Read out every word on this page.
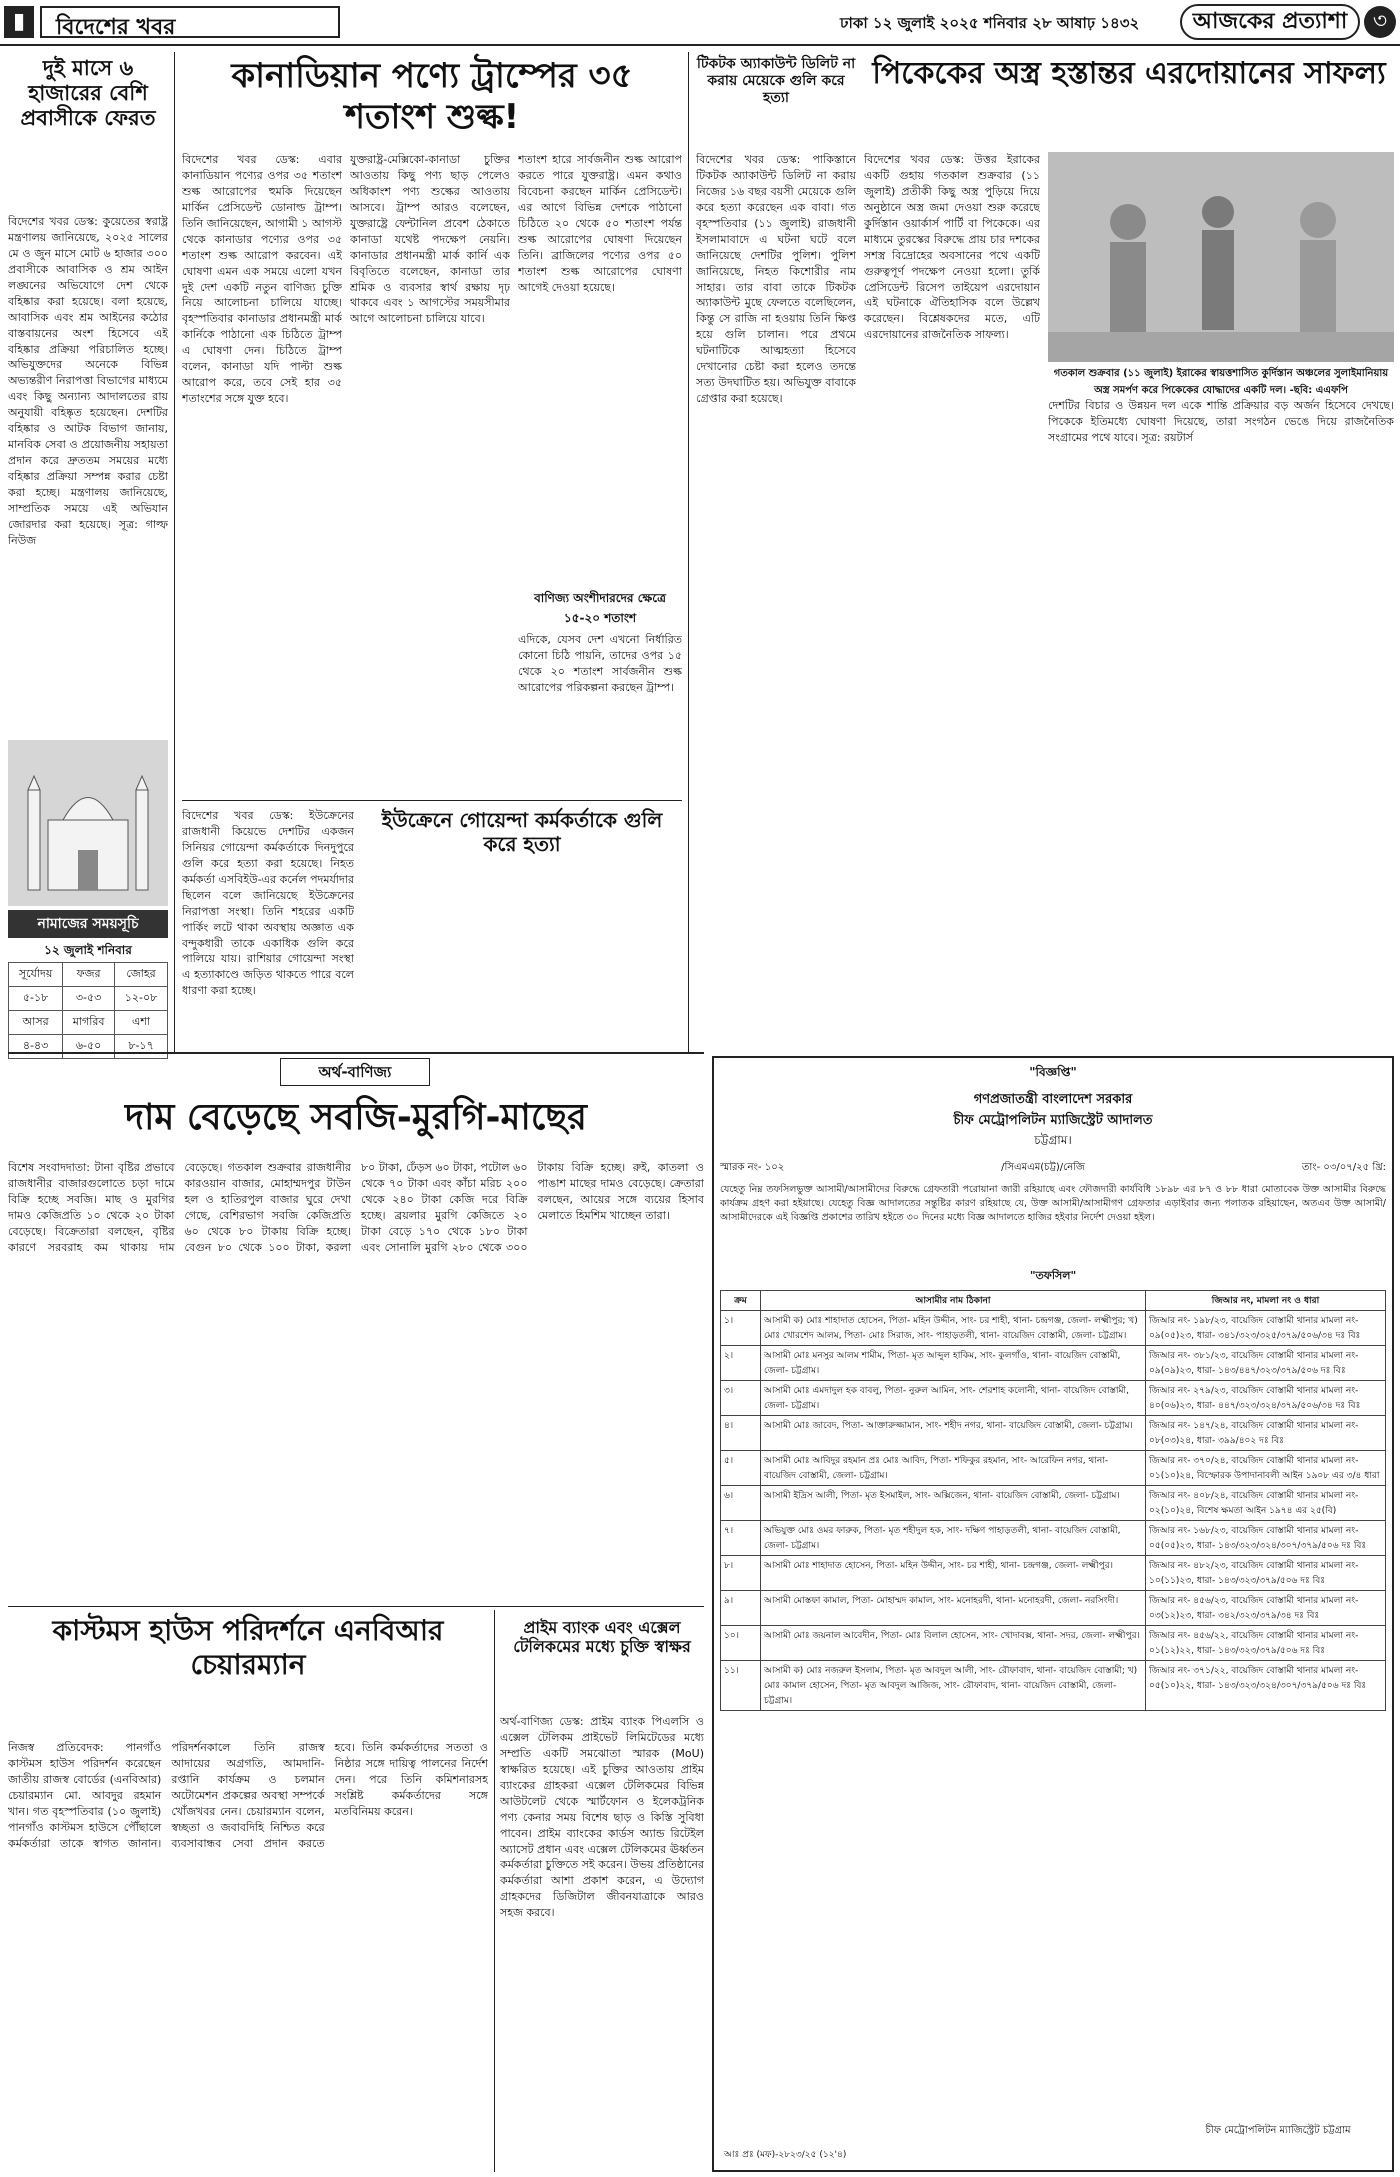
▮	বিদেশের খবর	ঢাকা ১২ জুলাই ২০২৫ শনিবার ২৮ আষাঢ় ১৪৩২	আজকের প্রত্যাশা	৩
দুই মাসে ৬ হাজারের বেশি প্রবাসীকে ফেরত
বিদেশের খবর ডেস্ক: কুয়েতের স্বরাষ্ট্র মন্ত্রণালয় জানিয়েছে, ২০২৫ সালের মে ও জুন মাসে মোট ৬ হাজার ৩০০ প্রবাসীকে আবাসিক ও শ্রম আইন লঙ্ঘনের অভিযোগে দেশ থেকে বহিষ্কার করা হয়েছে। বলা হয়েছে, আবাসিক এবং শ্রম আইনের কঠোর বাস্তবায়নের অংশ হিসেবে এই বহিষ্কার প্রক্রিয়া পরিচালিত হচ্ছে। অভিযুক্তদের অনেকে বিভিন্ন অভ্যন্তরীণ নিরাপত্তা বিভাগের মাধ্যমে এবং কিছু অন্যান্য আদালতের রায় অনুযায়ী বহিষ্কৃত হয়েছেন। দেশটির বহিষ্কার ও আটক বিভাগ জানায়, মানবিক সেবা ও প্রয়োজনীয় সহায়তা প্রদান করে দ্রুততম সময়ের মধ্যে বহিষ্কার প্রক্রিয়া সম্পন্ন করার চেষ্টা করা হচ্ছে। মন্ত্রণালয় জানিয়েছে, সাম্প্রতিক সময়ে এই অভিযান জোরদার করা হয়েছে। সূত্র: গাল্ফ নিউজ
নামাজের সময়সূচি
১২ জুলাই শনিবার
সূর্যোদয়	ফজর	জোহর
৫-১৮	৩-৫৩	১২-০৮
আসর	মাগরিব	এশা
৪-৪৩	৬-৫০	৮-১৭
কানাডিয়ান পণ্যে ট্রাম্পের ৩৫ শতাংশ শুল্ক!
বিদেশের খবর ডেস্ক: এবার কানাডিয়ান পণ্যের ওপর ৩৫ শতাংশ শুল্ক আরোপের হুমকি দিয়েছেন মার্কিন প্রেসিডেন্ট ডোনাল্ড ট্রাম্প। তিনি জানিয়েছেন, আগামী ১ আগস্ট থেকে কানাডার পণ্যের ওপর ৩৫ শতাংশ শুল্ক আরোপ করবেন। এই ঘোষণা এমন এক সময়ে এলো যখন দুই দেশ একটি নতুন বাণিজ্য চুক্তি নিয়ে আলোচনা চালিয়ে যাচ্ছে। বৃহস্পতিবার কানাডার প্রধানমন্ত্রী মার্ক কার্নিকে পাঠানো এক চিঠিতে ট্রাম্প এ ঘোষণা দেন। চিঠিতে ট্রাম্প বলেন, কানাডা যদি পাল্টা শুল্ক আরোপ করে, তবে সেই হার ৩৫ শতাংশের সঙ্গে যুক্ত হবে।
যুক্তরাষ্ট্র-মেক্সিকো-কানাডা চুক্তির আওতায় কিছু পণ্য ছাড় পেলেও অধিকাংশ পণ্য শুল্কের আওতায় আসবে। ট্রাম্প আরও বলেছেন, যুক্তরাষ্ট্রে ফেন্টানিল প্রবেশ ঠেকাতে কানাডা যথেষ্ট পদক্ষেপ নেয়নি। কানাডার প্রধানমন্ত্রী মার্ক কার্নি এক বিবৃতিতে বলেছেন, কানাডা তার শ্রমিক ও ব্যবসার স্বার্থ রক্ষায় দৃঢ় থাকবে এবং ১ আগস্টের সময়সীমার আগে আলোচনা চালিয়ে যাবে।
শতাংশ হারে সার্বজনীন শুল্ক আরোপ করতে পারে যুক্তরাষ্ট্র। এমন কথাও বিবেচনা করছেন মার্কিন প্রেসিডেন্ট। এর আগে বিভিন্ন দেশকে পাঠানো চিঠিতে ২০ থেকে ৫০ শতাংশ পর্যন্ত শুল্ক আরোপের ঘোষণা দিয়েছেন তিনি। ব্রাজিলের পণ্যের ওপর ৫০ শতাংশ শুল্ক আরোপের ঘোষণা আগেই দেওয়া হয়েছে।
বাণিজ্য অংশীদারদের ক্ষেত্রে ১৫-২০ শতাংশ
এদিকে, যেসব দেশ এখনো নির্ধারিত কোনো চিঠি পায়নি, তাদের ওপর ১৫ থেকে ২০ শতাংশ সার্বজনীন শুল্ক আরোপের পরিকল্পনা করছেন ট্রাম্প।
ইউক্রেনে গোয়েন্দা কর্মকর্তাকে গুলি করে হত্যা
বিদেশের খবর ডেস্ক: ইউক্রেনের রাজধানী কিয়েভে দেশটির একজন সিনিয়র গোয়েন্দা কর্মকর্তাকে দিনদুপুরে গুলি করে হত্যা করা হয়েছে। নিহত কর্মকর্তা এসবিইউ-এর কর্নেল পদমর্যাদার ছিলেন বলে জানিয়েছে ইউক্রেনের নিরাপত্তা সংস্থা। তিনি শহরের একটি পার্কিং লটে থাকা অবস্থায় অজ্ঞাত এক বন্দুকধারী তাকে একাধিক গুলি করে পালিয়ে যায়। রাশিয়ার গোয়েন্দা সংস্থা এ হত্যাকাণ্ডে জড়িত থাকতে পারে বলে ধারণা করা হচ্ছে।
টিকটক অ্যাকাউন্ট ডিলিট না করায় মেয়েকে গুলি করে হত্যা
বিদেশের খবর ডেস্ক: পাকিস্তানে টিকটক অ্যাকাউন্ট ডিলিট না করায় নিজের ১৬ বছর বয়সী মেয়েকে গুলি করে হত্যা করেছেন এক বাবা। গত বৃহস্পতিবার (১১ জুলাই) রাজধানী ইসলামাবাদে এ ঘটনা ঘটে বলে জানিয়েছে দেশটির পুলিশ। পুলিশ জানিয়েছে, নিহত কিশোরীর নাম সাহার। তার বাবা তাকে টিকটক অ্যাকাউন্ট মুছে ফেলতে বলেছিলেন, কিন্তু সে রাজি না হওয়ায় তিনি ক্ষিপ্ত হয়ে গুলি চালান। পরে প্রথমে ঘটনাটিকে আত্মহত্যা হিসেবে দেখানোর চেষ্টা করা হলেও তদন্তে সত্য উদঘাটিত হয়। অভিযুক্ত বাবাকে গ্রেপ্তার করা হয়েছে।
পিকেকের অস্ত্র হস্তান্তর এরদোয়ানের সাফল্য
বিদেশের খবর ডেস্ক: উত্তর ইরাকের একটি গুহায় গতকাল শুক্রবার (১১ জুলাই) প্রতীকী কিছু অস্ত্র পুড়িয়ে দিয়ে অনুষ্ঠানে অস্ত্র জমা দেওয়া শুরু করেছে কুর্দিস্তান ওয়ার্কার্স পার্টি বা পিকেকে। এর মাধ্যমে তুরস্কের বিরুদ্ধে প্রায় চার দশকের সশস্ত্র বিদ্রোহের অবসানের পথে একটি গুরুত্বপূর্ণ পদক্ষেপ নেওয়া হলো। তুর্কি প্রেসিডেন্ট রিসেপ তাইয়েপ এরদোয়ান এই ঘটনাকে ঐতিহাসিক বলে উল্লেখ করেছেন। বিশ্লেষকদের মতে, এটি এরদোয়ানের রাজনৈতিক সাফল্য।
গতকাল শুক্রবার (১১ জুলাই) ইরাকের স্বায়ত্তশাসিত কুর্দিস্তান অঞ্চলের সুলাইমানিয়ায় অস্ত্র সমর্পণ করে পিকেকের যোদ্ধাদের একটি দল। -ছবি: এএফপি
দেশটির বিচার ও উন্নয়ন দল একে শান্তি প্রক্রিয়ার বড় অর্জন হিসেবে দেখছে। পিকেকে ইতিমধ্যে ঘোষণা দিয়েছে, তারা সংগঠন ভেঙে দিয়ে রাজনৈতিক সংগ্রামের পথে যাবে। সূত্র: রয়টার্স
"বিজ্ঞপ্তি"
গণপ্রজাতন্ত্রী বাংলাদেশ সরকার
চীফ মেট্রোপলিটন ম্যাজিস্ট্রেট আদালত
চট্টগ্রাম।
স্মারক নং- ১০২	/সিএমএম(চট্ট)/নেজি	তাং- ০৩/০৭/২৫ খ্রি:
যেহেতু নিম্ন তফসিলভুক্ত আসামী/আসামীদের বিরুদ্ধে গ্রেফতারী পরোয়ানা জারী রহিয়াছে এবং ফৌজদারী কার্যবিধি ১৮৯৮ এর ৮৭ ও ৮৮ ধারা মোতাবেক উক্ত আসামীর বিরুদ্ধে কার্যক্রম গ্রহণ করা হইয়াছে। যেহেতু বিজ্ঞ আদালতের সন্তুষ্টির কারণ রহিয়াছে যে, উক্ত আসামী/আসামীগণ গ্রেফতার এড়াইবার জন্য পলাতক রহিয়াছেন, অতএব উক্ত আসামী/আসামীদেরকে এই বিজ্ঞপ্তি প্রকাশের তারিখ হইতে ৩০ দিনের মধ্যে বিজ্ঞ আদালতে হাজির হইবার নির্দেশ দেওয়া হইল।
"তফসিল"
ক্রম	আসামীর নাম ঠিকানা	জিআর নং, মামলা নং ও ধারা
১।	আসামী ক) মোঃ শাহাদাত হোসেন, পিতা- মহিন উদ্দীন, সাং- চর শাহী, থানা- চন্দ্রগঞ্জ, জেলা- লক্ষ্মীপুর; খ) মোঃ খোরশেদ আলম, পিতা- মোঃ সিরাজ, সাং- পাহাড়তলী, থানা- বায়েজিদ বোস্তামী, জেলা- চট্টগ্রাম।	জিআর নং- ১৯৮/২৩, বায়েজিদ বোস্তামী থানার মামলা নং- ০৯(০৫)২৩, ধারা- ৩৪১/৩২৩/৩২৫/৩৭৯/৫০৬/৩৪ দঃ বিঃ
২।	আসামী মোঃ মনসুর আলম শামীম, পিতা- মৃত আব্দুল হাকিম, সাং- কুলগাঁও, থানা- বায়েজিদ বোস্তামী, জেলা- চট্টগ্রাম।	জিআর নং- ৩৮১/২৩, বায়েজিদ বোস্তামী থানার মামলা নং- ০৯(০৯)২৩, ধারা- ১৪৩/৪৪৭/৩২৩/৩৭৯/৫০৬ দঃ বিঃ
৩।	আসামী মোঃ এমদাদুল হক বাবলু, পিতা- নুরুল আমিন, সাং- শেরশাহ কলোনী, থানা- বায়েজিদ বোস্তামী, জেলা- চট্টগ্রাম।	জিআর নং- ২৭৯/২৩, বায়েজিদ বোস্তামী থানার মামলা নং- ৪০(০৬)২৩, ধারা- ৪৪৭/৩২৩/৩২৪/৩৭৯/৫০৬/৩৪ দঃ বিঃ
৪।	আসামী মোঃ জাবেদ, পিতা- আক্তারুজ্জামান, সাং- শহীদ নগর, থানা- বায়েজিদ বোস্তামী, জেলা- চট্টগ্রাম।	জিআর নং- ১৪৭/২৪, বায়েজিদ বোস্তামী থানার মামলা নং- ০৮(০৩)২৪, ধারা- ৩৯৯/৪০২ দঃ বিঃ
৫।	আসামী মোঃ আবিদুর রহমান প্রঃ মোঃ আবিদ, পিতা- শফিকুর রহমান, সাং- আরেফিন নগর, থানা- বায়েজিদ বোস্তামী, জেলা- চট্টগ্রাম।	জিআর নং- ৩৭০/২৪, বায়েজিদ বোস্তামী থানার মামলা নং- ০১(১০)২৪, বিস্ফোরক উপাদানাবলী আইন ১৯০৮ এর ৩/৪ ধারা
৬।	আসামী ইদ্রিস আলী, পিতা- মৃত ইসমাইল, সাং- অক্সিজেন, থানা- বায়েজিদ বোস্তামী, জেলা- চট্টগ্রাম।	জিআর নং- ৪০৮/২৪, বায়েজিদ বোস্তামী থানার মামলা নং- ০২(১০)২৪, বিশেষ ক্ষমতা আইন ১৯৭৪ এর ২৫(বি)
৭।	অভিযুক্ত মোঃ ওমর ফারুক, পিতা- মৃত শহীদুল হক, সাং- দক্ষিণ পাহাড়তলী, থানা- বায়েজিদ বোস্তামী, জেলা- চট্টগ্রাম।	জিআর নং- ১৬৮/২৩, বায়েজিদ বোস্তামী থানার মামলা নং- ০৫(০৫)২৩, ধারা- ১৪৩/৩২৩/৩২৪/৩০৭/৩৭৯/৫০৬ দঃ বিঃ
৮।	আসামী মোঃ শাহাদাত হোসেন, পিতা- মহিন উদ্দীন, সাং- চর শাহী, থানা- চন্দ্রগঞ্জ, জেলা- লক্ষ্মীপুর।	জিআর নং- ৪৮২/২৩, বায়েজিদ বোস্তামী থানার মামলা নং- ১০(১১)২৩, ধারা- ১৪৩/৩২৩/৩৭৯/৫০৬ দঃ বিঃ
৯।	আসামী মোস্তফা কামাল, পিতা- মোহাম্মদ কামাল, সাং- মনোহরদী, থানা- মনোহরদী, জেলা- নরসিংদী।	জিআর নং- ৪৫৬/২৩, বায়েজিদ বোস্তামী থানার মামলা নং- ০৩(১২)২৩, ধারা- ৩৪২/৩২৩/৩৭৯/৩৪ দঃ বিঃ
১০।	আসামী মোঃ জয়নাল আবেদীন, পিতা- মোঃ বিলাল হোসেন, সাং- খোদাবক্স, থানা- সদর, জেলা- লক্ষ্মীপুর।	জিআর নং- ৪৫৬/২২, বায়েজিদ বোস্তামী থানার মামলা নং- ০১(১২)২২, ধারা- ১৪৩/৩২৩/৩৭৯/৫০৬ দঃ বিঃ
১১।	আসামী ক) মোঃ নজরুল ইসলাম, পিতা- মৃত আবদুল আলী, সাং- রৌফাবাদ, থানা- বায়েজিদ বোস্তামী; খ) মোঃ কামাল হোসেন, পিতা- মৃত আবদুল আজিজ, সাং- রৌফাবাদ, থানা- বায়েজিদ বোস্তামী, জেলা- চট্টগ্রাম।	জিআর নং- ৩৭১/২২, বায়েজিদ বোস্তামী থানার মামলা নং- ০৫(১০)২২, ধারা- ১৪৩/৩২৩/৩২৪/৩০৭/৩৭৯/৫০৬ দঃ বিঃ
চীফ মেট্রোপলিটন ম্যাজিস্ট্রেট চট্টগ্রাম
আঃ প্রঃ (মফ)-২৮২৩/২৫ (১২'৪)
অর্থ-বাণিজ্য
দাম বেড়েছে সবজি-মুরগি-মাছের
বিশেষ সংবাদদাতা: টানা বৃষ্টির প্রভাবে রাজধানীর বাজারগুলোতে চড়া দামে বিক্রি হচ্ছে সবজি। মাছ ও মুরগির দামও কেজিপ্রতি ১০ থেকে ২০ টাকা বেড়েছে। বিক্রেতারা বলছেন, বৃষ্টির কারণে সরবরাহ কম থাকায় দাম বেড়েছে। গতকাল শুক্রবার রাজধানীর কারওয়ান বাজার, মোহাম্মদপুর টাউন হল ও হাতিরপুল বাজার ঘুরে দেখা গেছে, বেশিরভাগ সবজি কেজিপ্রতি ৬০ থেকে ৮০ টাকায় বিক্রি হচ্ছে। বেগুন ৮০ থেকে ১০০ টাকা, করলা ৮০ টাকা, ঢেঁড়স ৬০ টাকা, পটোল ৬০ থেকে ৭০ টাকা এবং কাঁচা মরিচ ২০০ থেকে ২৪০ টাকা কেজি দরে বিক্রি হচ্ছে। ব্রয়লার মুরগি কেজিতে ২০ টাকা বেড়ে ১৭০ থেকে ১৮০ টাকা এবং সোনালি মুরগি ২৮০ থেকে ৩০০ টাকায় বিক্রি হচ্ছে। রুই, কাতলা ও পাঙাশ মাছের দামও বেড়েছে। ক্রেতারা বলছেন, আয়ের সঙ্গে ব্যয়ের হিসাব মেলাতে হিমশিম খাচ্ছেন তারা।
কাস্টমস হাউস পরিদর্শনে এনবিআর চেয়ারম্যান
নিজস্ব প্রতিবেদক: পানগাঁও কাস্টমস হাউস পরিদর্শন করেছেন জাতীয় রাজস্ব বোর্ডের (এনবিআর) চেয়ারম্যান মো. আবদুর রহমান খান। গত বৃহস্পতিবার (১০ জুলাই) পানগাঁও কাস্টমস হাউসে পৌঁছালে কর্মকর্তারা তাকে স্বাগত জানান। পরিদর্শনকালে তিনি রাজস্ব আদায়ের অগ্রগতি, আমদানি-রপ্তানি কার্যক্রম ও চলমান অটোমেশন প্রকল্পের অবস্থা সম্পর্কে খোঁজখবর নেন। চেয়ারম্যান বলেন, স্বচ্ছতা ও জবাবদিহি নিশ্চিত করে ব্যবসাবান্ধব সেবা প্রদান করতে হবে। তিনি কর্মকর্তাদের সততা ও নিষ্ঠার সঙ্গে দায়িত্ব পালনের নির্দেশ দেন। পরে তিনি কমিশনারসহ সংশ্লিষ্ট কর্মকর্তাদের সঙ্গে মতবিনিময় করেন।
প্রাইম ব্যাংক এবং এক্সেল টেলিকমের মধ্যে চুক্তি স্বাক্ষর
অর্থ-বাণিজ্য ডেস্ক: প্রাইম ব্যাংক পিএলসি ও এক্সেল টেলিকম প্রাইভেট লিমিটেডের মধ্যে সম্প্রতি একটি সমঝোতা স্মারক (MoU) স্বাক্ষরিত হয়েছে। এই চুক্তির আওতায় প্রাইম ব্যাংকের গ্রাহকরা এক্সেল টেলিকমের বিভিন্ন আউটলেট থেকে স্মার্টফোন ও ইলেকট্রনিক পণ্য কেনার সময় বিশেষ ছাড় ও কিস্তি সুবিধা পাবেন। প্রাইম ব্যাংকের কার্ডস অ্যান্ড রিটেইল অ্যাসেট প্রধান এবং এক্সেল টেলিকমের ঊর্ধ্বতন কর্মকর্তারা চুক্তিতে সই করেন। উভয় প্রতিষ্ঠানের কর্মকর্তারা আশা প্রকাশ করেন, এ উদ্যোগ গ্রাহকদের ডিজিটাল জীবনযাত্রাকে আরও সহজ করবে।
